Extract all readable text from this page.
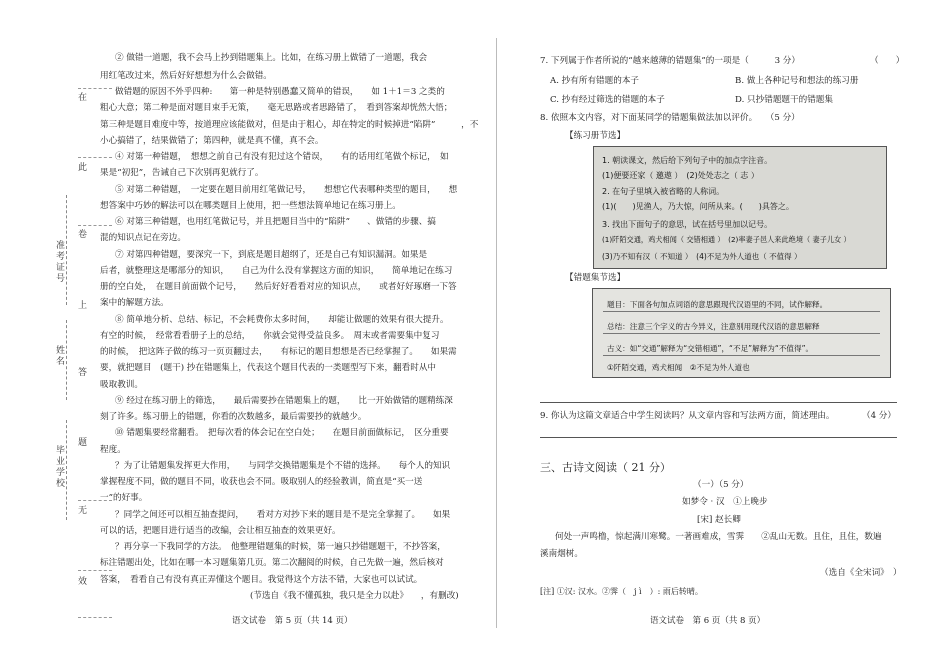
在
此
卷
上
答
题
无
效
准考证号
姓名
毕业学校
② 做错一道题，我不会马上抄到错题集上。比如，在练习册上做错了一道题，我会
用红笔改过来，然后好好想想为什么会做错。
做错题的原因不外乎四种:　　第一种是特别愚蠢又简单的错误，　　如 1＋1＝3 之类的
粗心大意；第二种是面对题目束手无策，　　毫无思路或者思路错了，　看到答案却恍然大悟；
第三种是题目难度中等，按道理应该能做对，但是由于粗心，却在特定的时候掉进“陷阱”　　　，不
小心搞错了，结果做错了；第四种，就是真不懂，真不会。
④ 对第一种错题，　想想之前自己有没有犯过这个错误，　　有的话用红笔做个标记，　如
果是“初犯”，告诫自己下次别再犯就行了。
⑤ 对第二种错题，　一定要在题目前用红笔做记号，　　想想它代表哪种类型的题目，　　想
想答案中巧妙的解法可以在哪类题目上使用，把一些想法简单地记在练习册上。
⑥ 对第三种错题，也用红笔做记号，并且把题目当中的“陷阱”　　、做错的步骤、搞
混的知识点记在旁边。
⑦ 对第四种错题，要深究一下，到底是题目超纲了，还是自己有知识漏洞。如果是
后者，就整理这是哪部分的知识，　　自己为什么没有掌握这方面的知识，　　简单地记在练习
册的空白处，　在题目前面做个记号，　　然后好好看看对应的知识点，　　或者好好琢磨一下答
案中的解题方法。
⑧ 简单地分析、总结、标记，不会耗费你太多时间，　　却能让做题的效果有很大提升。
有空的时候，　经常看看册子上的总结，　　你就会觉得受益良多。　周末或者需要集中复习
的时候，　把这阵子做的练习一页页翻过去，　　有标记的题目想想是否已经掌握了。　　如果需
要，就把题目　(题干) 抄在错题集上，代表这个题目代表的一类题型写下来，翻看时从中
吸取教训。
⑨ 经过在练习册上的筛选，　　最后需要抄在错题集上的题，　　比一开始做错的题精练深
刻了许多。练习册上的错题，你看的次数越多，最后需要抄的就越少。
⑩ 错题集要经常翻看。　把每次看的体会记在空白处；　　在题目前面做标记，　区分重要
程度。
？为了让错题集发挥更大作用，　　与同学交换错题集是个不错的选择。　　每个人的知识
掌握程度不同，做的题目不同，收获也会不同。吸取别人的经验教训，简直是“买一送
一”的好事。
？同学之间还可以相互抽查提问，　　看对方对抄下来的题目是不是完全掌握了。　　如果
可以的话，把题目进行适当的改编，会让相互抽查的效果更好。
？再分享一下我同学的方法。　他整理错题集的时候，第一遍只抄错题题干，不抄答案，
标注错题出处，比如在哪一本习题集第几页。第二次翻阅的时候，自己先做一遍，然后核对
答案，　看看自己有没有真正弄懂这个题目。我觉得这个方法不错，大家也可以试试。
(节选自《我不懂孤独，我只是全力以赴》　　，有删改)
语文试卷　第 5 页（共 14 页）
7. 下列属于作者所说的“越来越薄的错题集”的一项是（　　　3 分）	（　　）
A. 抄有所有错题的本子	B. 做上各种记号和想法的练习册
C. 抄有经过筛选的错题的本子	D. 只抄错题题干的错题集
8. 依照本文内容，对下面某同学的错题集做法加以评价。　　（5 分）
【练习册节选】
1. 朝读课文，然后给下列句子中的加点字注音。
(1)便要还家（ 邀遨 ）　(2)处处志之（ 志 ）
2. 在句子里填入被省略的人称词。
(1)(　　)见渔人，乃大惊，问所从来。(　　)具答之。
3. 找出下面句子的意思，试在括号里加以记号。
(1)阡陌交通，鸡犬相闻（ 交错相通 ）　(2)率妻子邑人来此绝境（ 妻子儿女 ）
(3)乃不知有汉（ 不知道 ）　(4)不足为外人道也（ 不值得 ）
【错题集节选】
题目：下面各句加点词语的意思跟现代汉语里的不同，试作解释。
总结：注意三个字义的古今异义，注意别用现代汉语的意思解释
古义：如“交通”解释为“交错相通”，“不足”解释为“不值得”。
①阡陌交通，鸡犬相闻　②不足为外人道也
9. 你认为这篇文章适合中学生阅读吗？从文章内容和写法两方面，简述理由。	（4 分）
三、古诗文阅读（ 21 分）
（一）（5 分）
如梦令 · 汉　①上晚步
[宋] 赵长卿
何处一声鸣橹，惊起满川寒鹭。一著画难成，雪霁　　②乱山无数。且住，且住，数遍
溪南烟树。
（选自《全宋词》　）
[注] ①汉: 汉水。②霁（　j ì　）: 雨后转晴。
语文试卷　第 6 页（共 8 页）
